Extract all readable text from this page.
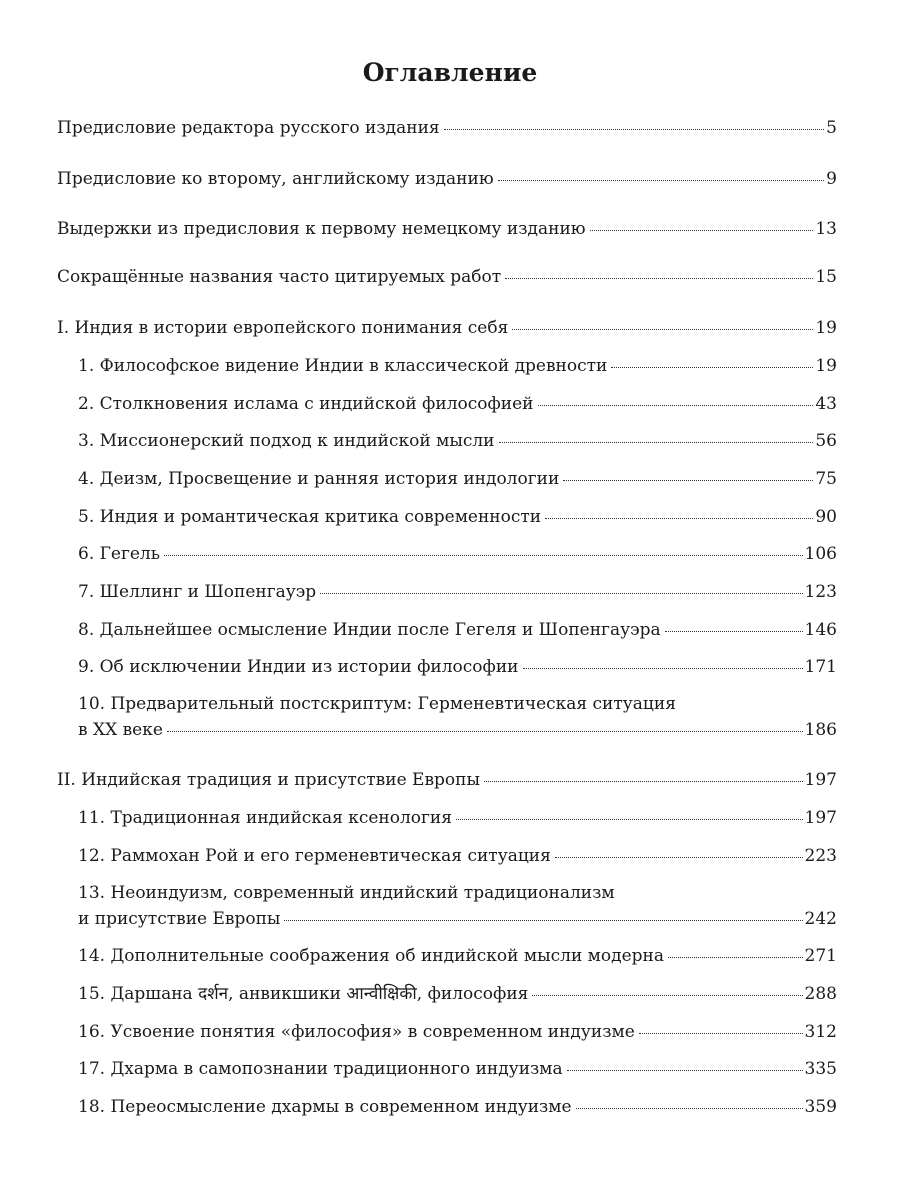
Оглавление
Предисловие редактора русского издания	5
Предисловие ко второму, английскому изданию	9
Выдержки из предисловия к первому немецкому изданию	13
Сокращённые названия часто цитируемых работ	15
I. Индия в истории европейского понимания себя	19
1. Философское видение Индии в классической древности	19
2. Столкновения ислама с индийской философией	43
3. Миссионерский подход к индийской мысли	56
4. Деизм, Просвещение и ранняя история индологии	75
5. Индия и романтическая критика современности	90
6. Гегель	106
7. Шеллинг и Шопенгауэр	123
8. Дальнейшее осмысление Индии после Гегеля и Шопенгауэра	146
9. Об исключении Индии из истории философии	171
10. Предварительный постскриптум: Герменевтическая ситуация
в XX веке	186
II. Индийская традиция и присутствие Европы	197
11. Традиционная индийская ксенология	197
12. Раммохан Рой и его герменевтическая ситуация	223
13. Неоиндуизм, современный индийский традиционализм
и присутствие Европы	242
14. Дополнительные соображения об индийской мысли модерна	271
15. Даршана दर्शन, анвикшики आन्वीक्षिकी, философия	288
16. Усвоение понятия «философия» в современном индуизме	312
17. Дхарма в самопознании традиционного индуизма	335
18. Переосмысление дхармы в современном индуизме	359
